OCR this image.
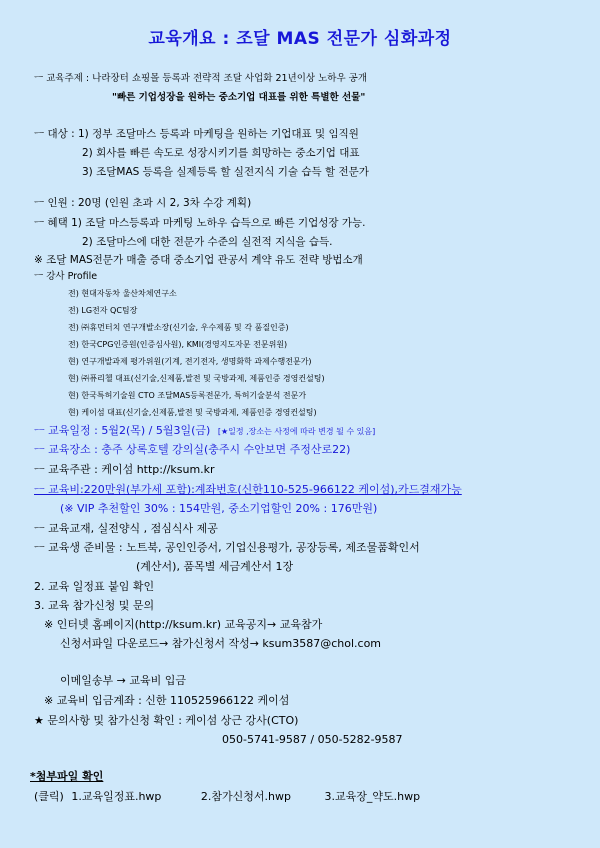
교육개요 : 조달 MAS 전문가 심화과정
ㅡ 교육주제 : 나라장터 쇼핑몰 등록과 전략적 조달 사업화 21년이상 노하우 공개
"빠른 기업성장을 원하는 중소기업 대표를 위한 특별한 선물"
ㅡ 대상 : 1) 정부 조달마스 등록과 마케팅을 원하는 기업대표 및 임직원
2) 회사를 빠른 속도로 성장시키기를 희망하는 중소기업 대표
3) 조달MAS 등록을 실제등록 할 실전지식 기술 습득 할 전문가
ㅡ 인원 : 20명 (인원 초과 시 2, 3차 수강 계획)
ㅡ 혜택 1) 조달 마스등록과 마케팅 노하우 습득으로 빠른 기업성장 가능.
2) 조달마스에 대한 전문가 수준의 실전적 지식을 습득.
※ 조달 MAS전문가 매출 증대 중소기업 관공서 계약 유도 전략 방법소개
ㅡ 강사 Profile
전) 현대자동차 울산차체연구소
전) LG전자 QC팀장
전) ㈜휴먼터치 연구개발소장(신기술, 우수제품 및 각 품질인증)
전) 한국CPG인증원(인증심사원), KMI(경영지도자문 전문위원)
현) 연구개발과제 평가위원(기계, 전기전자, 생명화학 과제수행전문가)
현) ㈜퓨리첼 대표(신기술,신제품,발전 및 국방과제, 제품인증 경영컨설팅)
현) 한국특허기술원 CTO 조달MAS등록전문가, 특허기술분석 전문가
현) 케이섬 대표(신기술,신제품,발전 및 국방과제, 제품인증 경영컨설팅)
ㅡ 교육일정 : 5월2(목) / 5월3일(금) [★일정 ,장소는 사정에 따라 변경 될 수 있음]
ㅡ 교육장소 : 충주 상록호텔 강의실(충주시 수안보면 주정산로22)
ㅡ 교육주관 : 케이섬 http://ksum.kr
ㅡ 교육비:220만원(부가세 포함):계좌번호(신한110-525-966122 케이섬),카드결재가능
(※ VIP 추천할인 30% : 154만원, 중소기업할인 20% : 176만원)
ㅡ 교육교재, 실전양식 , 점심식사 제공
ㅡ 교육생 준비물 : 노트북, 공인인증서, 기업신용평가, 공장등록, 제조물품확인서
(계산서), 품목별 세금계산서 1장
2. 교육 일정표 붙임 확인
3. 교육 참가신청 및 문의
※ 인터넷 홈페이지(http://ksum.kr) 교육공지→ 교육참가
신청서파일 다운로드→ 참가신청서 작성→ ksum3587@chol.com
이메일송부 → 교육비 입금
※ 교육비 입금계좌 : 신한 110525966122 케이섬
★ 문의사항 및 참가신청 확인 : 케이섬 상근 강사(CTO)
050-5741-9587 / 050-5282-9587
*첨부파일 확인
(클릭) 1.교육일정표.hwp	2.참가신청서.hwp	3.교육장_약도.hwp
